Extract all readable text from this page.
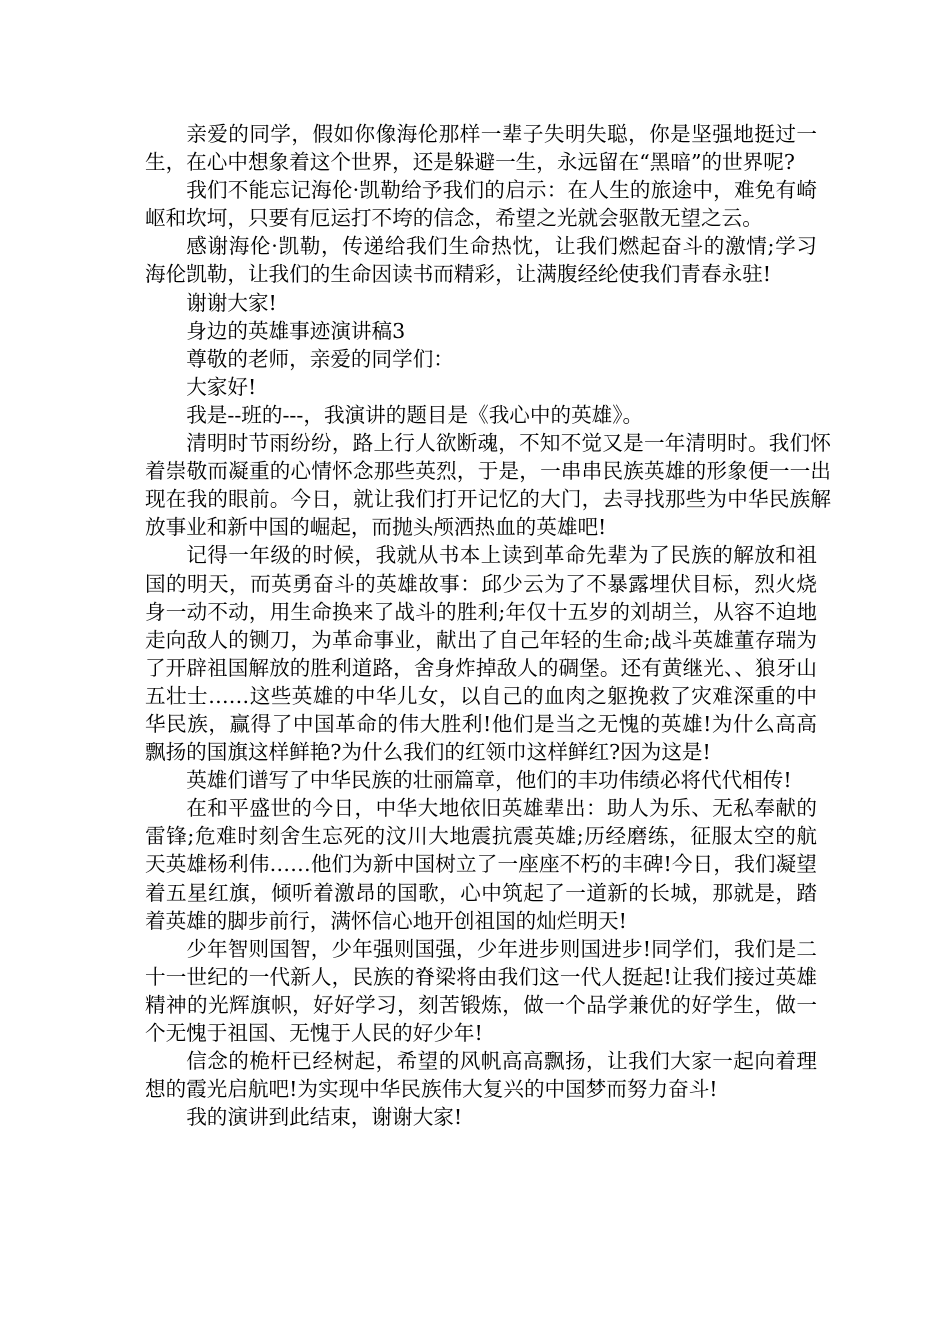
亲爱的同学，假如你像海伦那样一辈子失明失聪，你是坚强地挺过一生，在心中想象着这个世界，还是躲避一生，永远留在“黑暗”的世界呢?

我们不能忘记海伦·凯勒给予我们的启示：在人生的旅途中，难免有崎岖和坎坷，只要有厄运打不垮的信念，希望之光就会驱散无望之云。

感谢海伦·凯勒，传递给我们生命热忱，让我们燃起奋斗的激情;学习海伦凯勒，让我们的生命因读书而精彩，让满腹经纶使我们青春永驻!

谢谢大家!

身边的英雄事迹演讲稿3

尊敬的老师，亲爱的同学们：

大家好!

我是--班的---，我演讲的题目是《我心中的英雄》。

清明时节雨纷纷，路上行人欲断魂，不知不觉又是一年清明时。我们怀着崇敬而凝重的心情怀念那些英烈，于是，一串串民族英雄的形象便一一出现在我的眼前。今日，就让我们打开记忆的大门，去寻找那些为中华民族解放事业和新中国的崛起，而抛头颅洒热血的英雄吧!

记得一年级的时候，我就从书本上读到革命先辈为了民族的解放和祖国的明天，而英勇奋斗的英雄故事：邱少云为了不暴露埋伏目标，烈火烧身一动不动，用生命换来了战斗的胜利;年仅十五岁的刘胡兰，从容不迫地走向敌人的铡刀，为革命事业，献出了自己年轻的生命;战斗英雄董存瑞为了开辟祖国解放的胜利道路，舍身炸掉敌人的碉堡。还有黄继光、、狼牙山五壮士……这些英雄的中华儿女，以自己的血肉之躯挽救了灾难深重的中华民族，赢得了中国革命的伟大胜利!他们是当之无愧的英雄!为什么高高飘扬的国旗这样鲜艳?为什么我们的红领巾这样鲜红?因为这是!

英雄们谱写了中华民族的壮丽篇章，他们的丰功伟绩必将代代相传!

在和平盛世的今日，中华大地依旧英雄辈出：助人为乐、无私奉献的雷锋;危难时刻舍生忘死的汶川大地震抗震英雄;历经磨练，征服太空的航天英雄杨利伟……他们为新中国树立了一座座不朽的丰碑!今日，我们凝望着五星红旗，倾听着激昂的国歌，心中筑起了一道新的长城，那就是，踏着英雄的脚步前行，满怀信心地开创祖国的灿烂明天!

少年智则国智，少年强则国强，少年进步则国进步!同学们，我们是二十一世纪的一代新人，民族的脊梁将由我们这一代人挺起!让我们接过英雄精神的光辉旗帜，好好学习，刻苦锻炼，做一个品学兼优的好学生，做一个无愧于祖国、无愧于人民的好少年!

信念的桅杆已经树起，希望的风帆高高飘扬，让我们大家一起向着理想的霞光启航吧!为实现中华民族伟大复兴的中国梦而努力奋斗!

我的演讲到此结束，谢谢大家!
